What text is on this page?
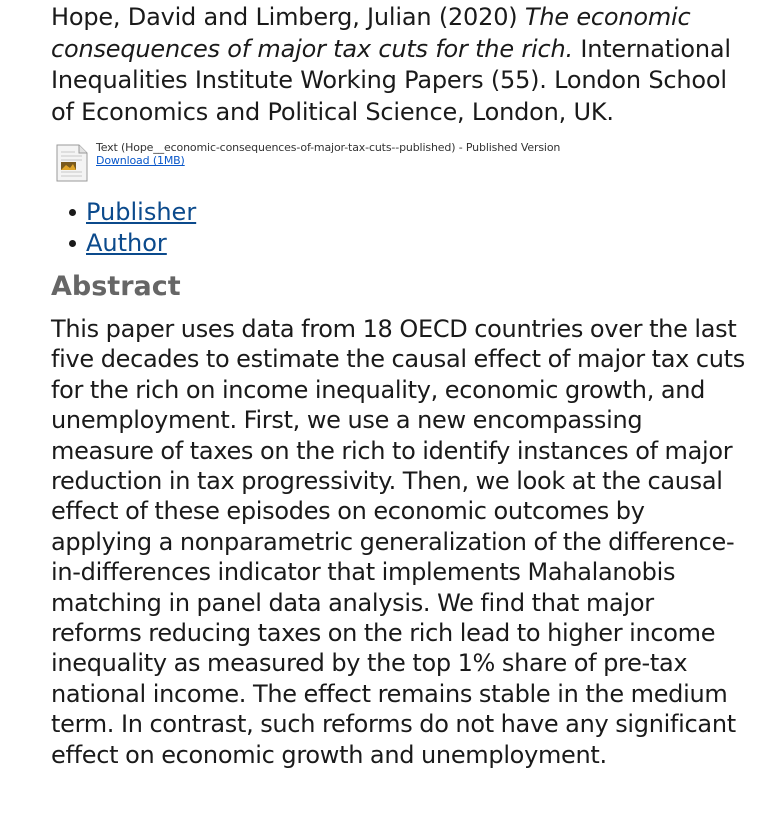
Hope, David and Limberg, Julian (2020) The economic consequences of major tax cuts for the rich. International Inequalities Institute Working Papers (55). London School of Economics and Political Science, London, UK.

Text (Hope__economic-consequences-of-major-tax-cuts--published) - Published Version
Download (1MB)
Publisher
Author
Abstract

This paper uses data from 18 OECD countries over the last five decades to estimate the causal effect of major tax cuts for the rich on income inequality, economic growth, and unemployment. First, we use a new encompassing measure of taxes on the rich to identify instances of major reduction in tax progressivity. Then, we look at the causal effect of these episodes on economic outcomes by applying a nonparametric generalization of the difference-in-differences indicator that implements Mahalanobis matching in panel data analysis. We find that major reforms reducing taxes on the rich lead to higher income inequality as measured by the top 1% share of pre-tax national income. The effect remains stable in the medium term. In contrast, such reforms do not have any significant effect on economic growth and unemployment.
